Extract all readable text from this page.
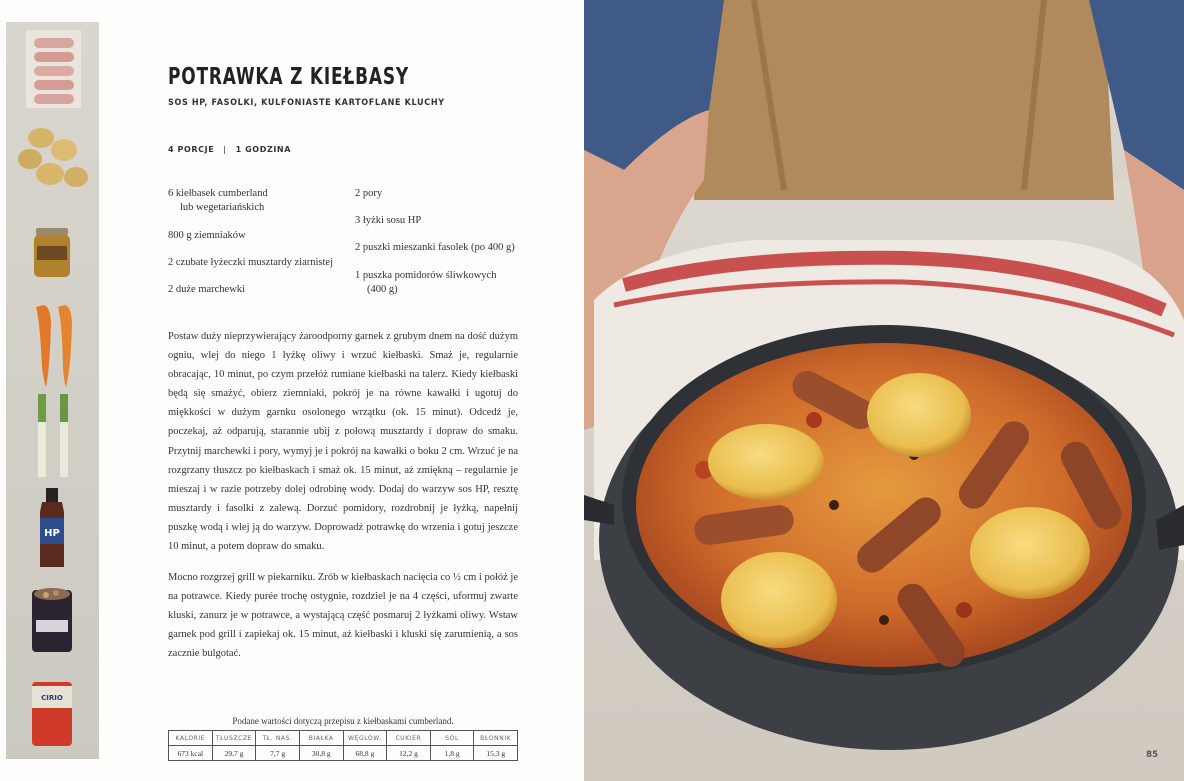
HP
CIRIO
POTRAWKA Z KIEŁBASY
SOS HP, FASOLKI, KULFONIASTE KARTOFLANE KLUCHY
4 PORCJE | 1 GODZINA
6 kiełbasek cumberland
lub wegetariańskich
800 g ziemniaków
2 czubate łyżeczki musztardy ziarnistej
2 duże marchewki
2 pory
3 łyżki sosu HP
2 puszki mieszanki fasolek (po 400 g)
1 puszka pomidorów śliwkowych
(400 g)

Postaw duży nieprzywierający żaroodporny garnek z grubym dnem na dość dużym ogniu, wlej do niego 1 łyżkę oliwy i wrzuć kiełbaski. Smaż je, regularnie obracając, 10 minut, po czym przełóż rumiane kiełbaski na talerz. Kiedy kiełbaski będą się smażyć, obierz ziemniaki, pokrój je na równe kawałki i ugotuj do miękkości w dużym garnku osolonego wrzątku (ok. 15 minut). Odcedź je, poczekaj, aż odparują, starannie ubij z połową musztardy i dopraw do smaku. Przytnij marchewki i pory, wymyj je i pokrój na kawałki o boku 2 cm. Wrzuć je na rozgrzany tłuszcz po kiełbaskach i smaż ok. 15 minut, aż zmiękną – regularnie je mieszaj i w razie potrzeby dolej odrobinę wody. Dodaj do warzyw sos HP, resztę musztardy i fasolki z zalewą. Dorzuć pomidory, rozdrobnij je łyżką, napełnij puszkę wodą i wlej ją do warzyw. Doprowadź potrawkę do wrzenia i gotuj jeszcze 10 minut, a potem dopraw do smaku.

Mocno rozgrzej grill w piekarniku. Zrób w kiełbaskach nacięcia co ½ cm i połóż je na potrawce. Kiedy purée trochę ostygnie, rozdziel je na 4 części, uformuj zwarte kluski, zanurz je w potrawce, a wystającą część posmaruj 2 łyżkami oliwy. Wstaw garnek pod grill i zapiekaj ok. 15 minut, aż kiełbaski i kluski się zarumienią, a sos zacznie bulgotać.

Podane wartości dotyczą przepisu z kiełbaskami cumberland.
KALORIE	TŁUSZCZE	TŁ. NAS.	BIAŁKA	WĘGLOW.	CUKIER	SÓL	BŁONNIK
673 kcal	29,7 g	7,7 g	30,8 g	68,8 g	12,2 g	1,8 g	15,3 g	85
